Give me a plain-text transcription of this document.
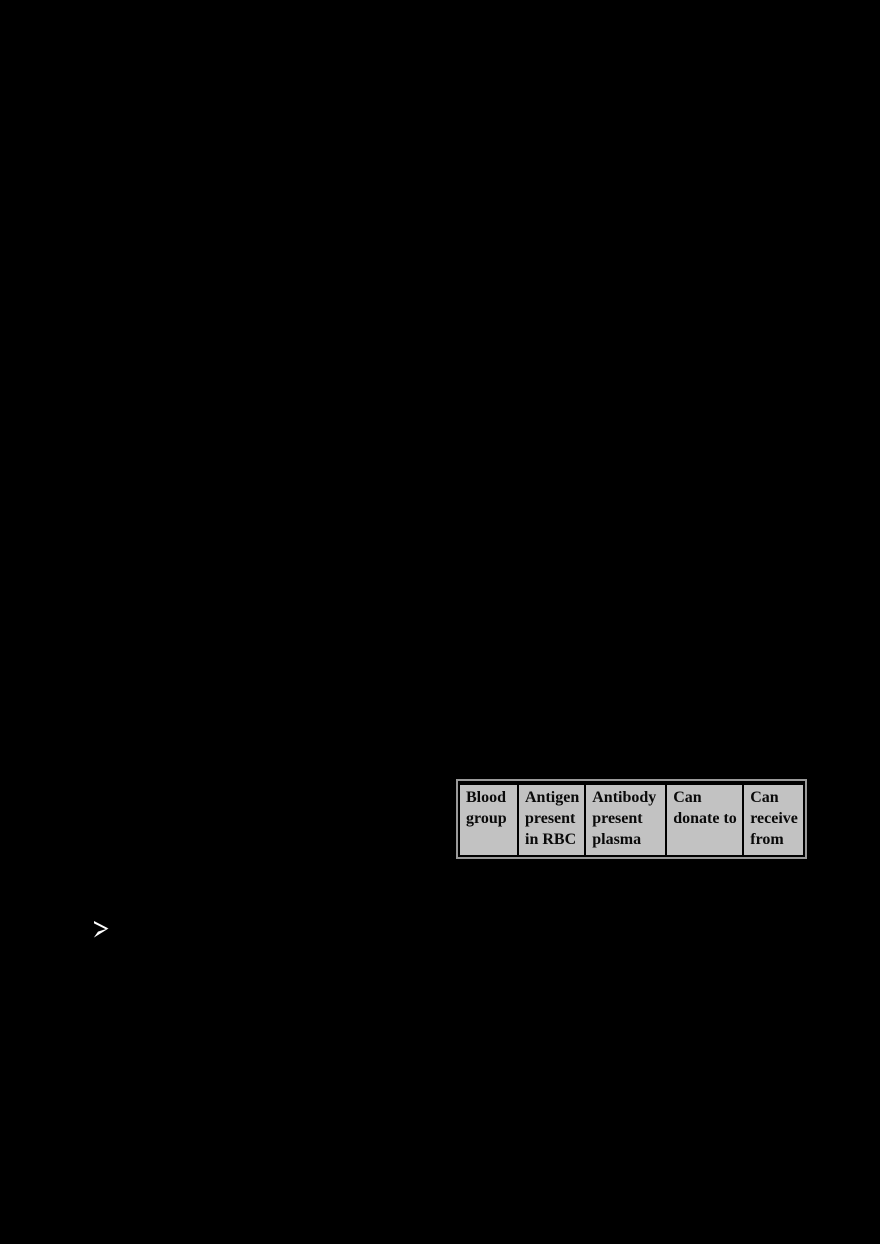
Blood group	Antigen present in RBC	Antibody present plasma	Can donate to	Can receive from
